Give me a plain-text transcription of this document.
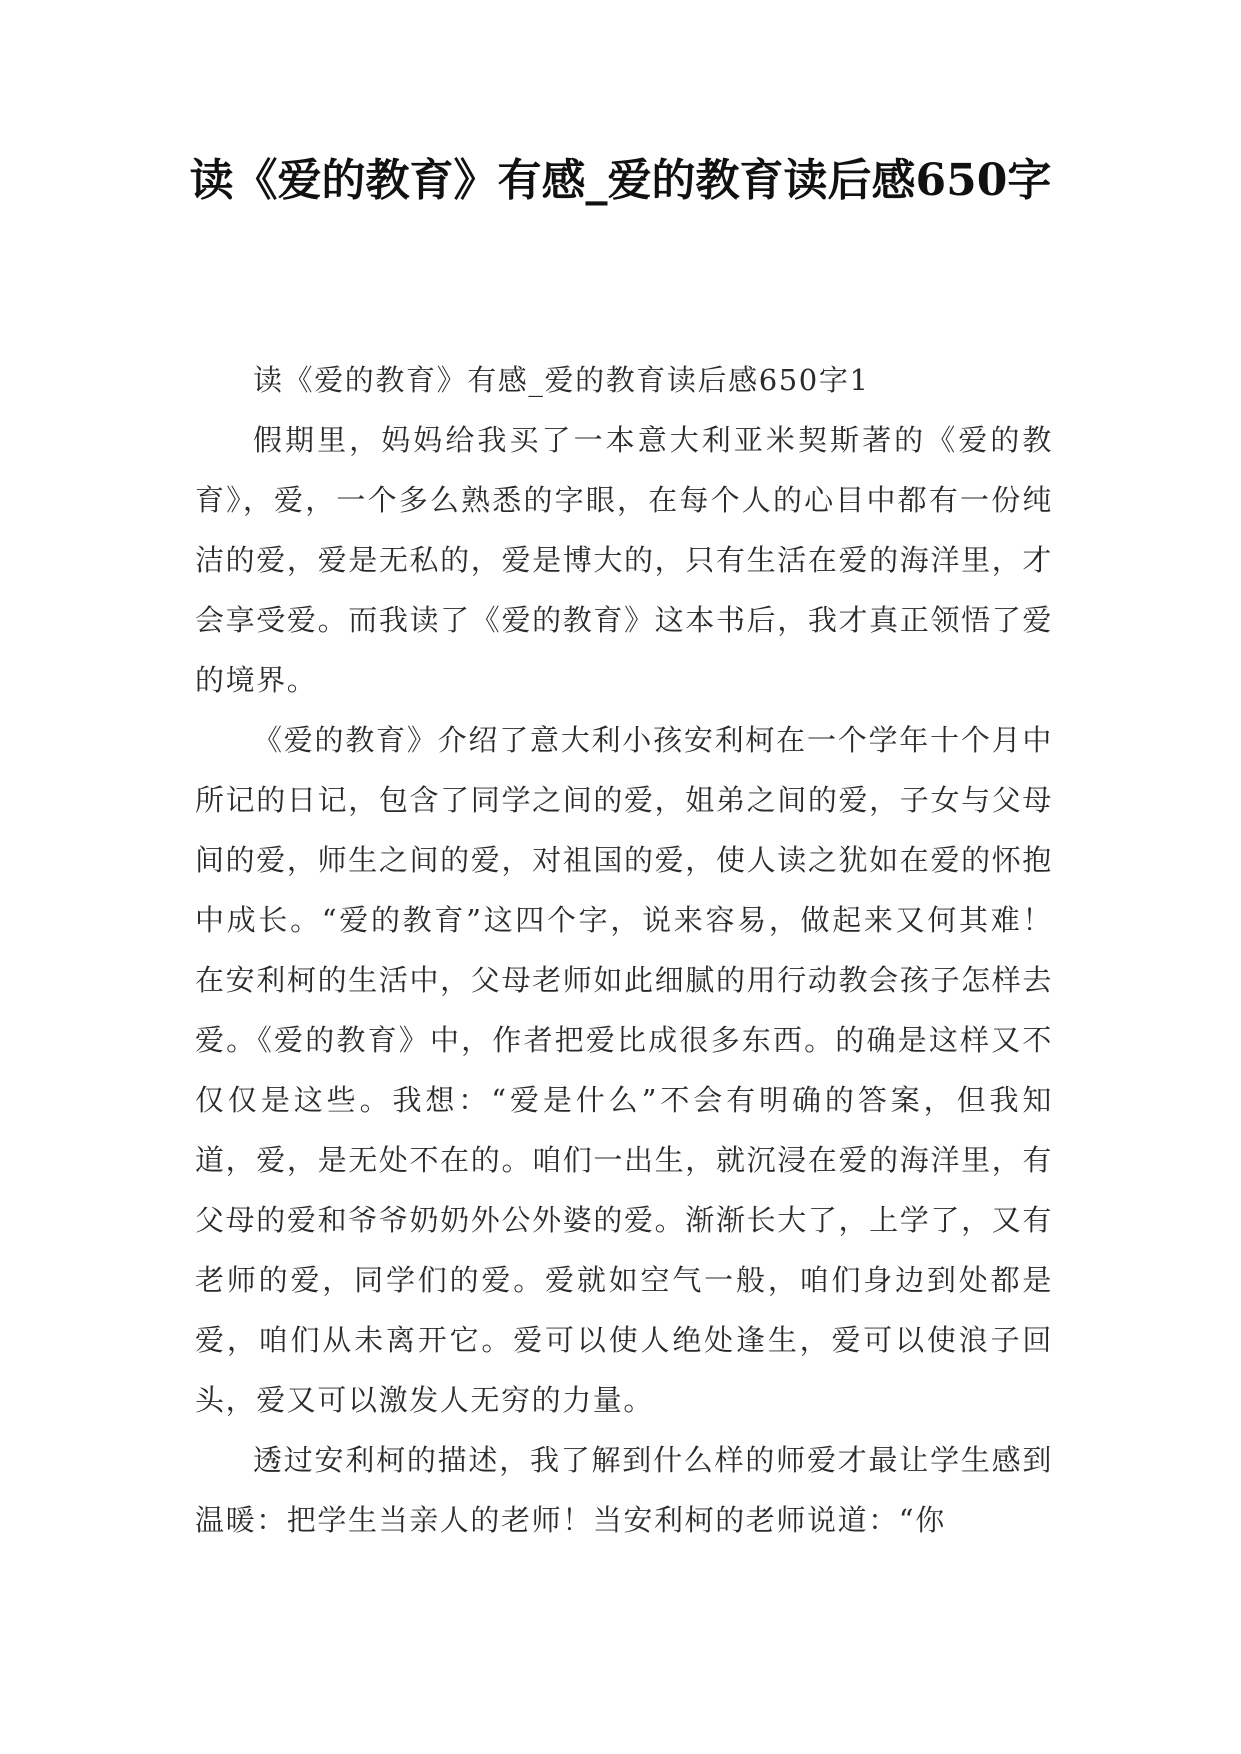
读《爱的教育》有感_爱的教育读后感650字

读《爱的教育》有感_爱的教育读后感650字1

假期里，妈妈给我买了一本意大利亚米契斯著的《爱的教育》，爱，一个多么熟悉的字眼，在每个人的心目中都有一份纯洁的爱，爱是无私的，爱是博大的，只有生活在爱的海洋里，才会享受爱。而我读了《爱的教育》这本书后，我才真正领悟了爱的境界。

《爱的教育》介绍了意大利小孩安利柯在一个学年十个月中所记的日记，包含了同学之间的爱，姐弟之间的爱，子女与父母间的爱，师生之间的爱，对祖国的爱，使人读之犹如在爱的怀抱中成长。“爱的教育”这四个字，说来容易，做起来又何其难！在安利柯的生活中，父母老师如此细腻的用行动教会孩子怎样去爱。《爱的教育》中，作者把爱比成很多东西。的确是这样又不仅仅是这些。我想：“爱是什么”不会有明确的答案，但我知道，爱，是无处不在的。咱们一出生，就沉浸在爱的海洋里，有父母的爱和爷爷奶奶外公外婆的爱。渐渐长大了，上学了，又有老师的爱，同学们的爱。爱就如空气一般，咱们身边到处都是爱，咱们从未离开它。爱可以使人绝处逢生，爱可以使浪子回头，爱又可以激发人无穷的力量。

透过安利柯的描述，我了解到什么样的师爱才最让学生感到温暖：把学生当亲人的老师！当安利柯的老师说道：“你
